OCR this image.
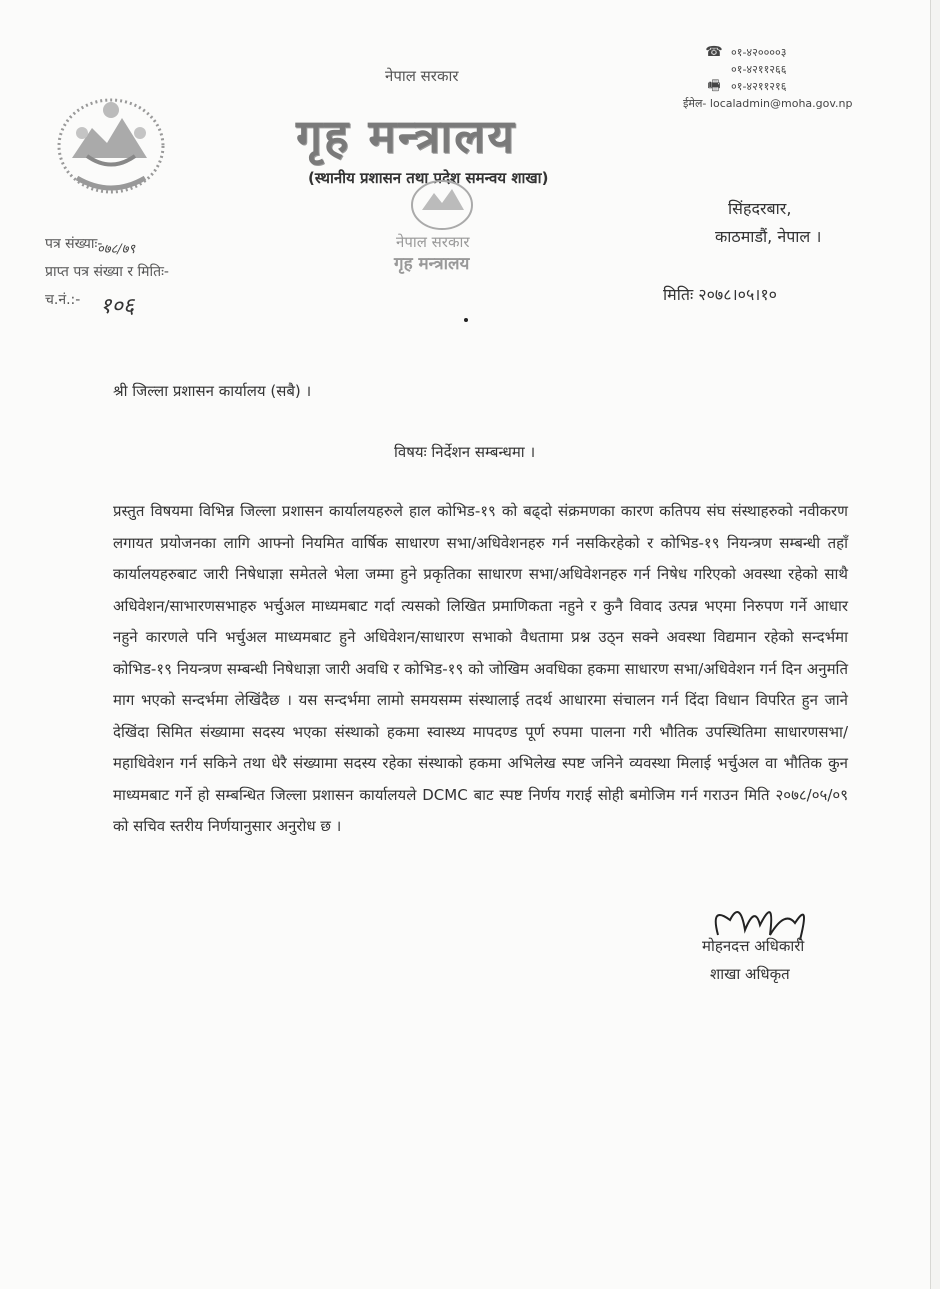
नेपाल सरकार
गृह मन्त्रालय
(स्थानीय प्रशासन तथा प्रदेश समन्वय शाखा)
☎ ०१-४२००००३
०१-४२११२६६
🖷 ०१-४२११२१६
ईमेल- localadmin@moha.gov.np
नेपाल सरकार
गृह मन्त्रालय
सिंहदरबार,
काठमाडौं, नेपाल ।
पत्र संख्याः-
प्राप्त पत्र संख्या र मितिः-
च.नं.:-
०७८/७९
१०६	मितिः २०७८।०५।१०
श्री जिल्ला प्रशासन कार्यालय (सबै) ।
विषयः निर्देशन सम्बन्धमा ।
प्रस्तुत विषयमा विभिन्न जिल्ला प्रशासन कार्यालयहरुले हाल कोभिड-१९ को बढ्दो संक्रमणका कारण कतिपय संघ संस्थाहरुको नवीकरण लगायत प्रयोजनका लागि आफ्नो नियमित वार्षिक साधारण सभा/अधिवेशनहरु गर्न नसकिरहेको र कोभिड-१९ नियन्त्रण सम्बन्धी तहाँ कार्यालयहरुबाट जारी निषेधाज्ञा समेतले भेला जम्मा हुने प्रकृतिका साधारण सभा/अधिवेशनहरु गर्न निषेध गरिएको अवस्था रहेको साथै अधिवेशन/साभारणसभाहरु भर्चुअल माध्यमबाट गर्दा त्यसको लिखित प्रमाणिकता नहुने र कुनै विवाद उत्पन्न भएमा निरुपण गर्ने आधार नहुने कारणले पनि भर्चुअल माध्यमबाट हुने अधिवेशन/साधारण सभाको वैधतामा प्रश्न उठ्न सक्ने अवस्था विद्यमान रहेको सन्दर्भमा कोभिड-१९ नियन्त्रण सम्बन्धी निषेधाज्ञा जारी अवधि र कोभिड-१९ को जोखिम अवधिका हकमा साधारण सभा/अधिवेशन गर्न दिन अनुमति माग भएको सन्दर्भमा लेखिंदैछ । यस सन्दर्भमा लामो समयसम्म संस्थालाई तदर्थ आधारमा संचालन गर्न दिंदा विधान विपरित हुन जाने देखिंदा सिमित संख्यामा सदस्य भएका संस्थाको हकमा स्वास्थ्य मापदण्ड पूर्ण रुपमा पालना गरी भौतिक उपस्थितिमा साधारणसभा/महाधिवेशन गर्न सकिने तथा धेरै संख्यामा सदस्य रहेका संस्थाको हकमा अभिलेख स्पष्ट जनिने व्यवस्था मिलाई भर्चुअल वा भौतिक कुन माध्यमबाट गर्ने हो सम्बन्धित जिल्ला प्रशासन कार्यालयले DCMC बाट स्पष्ट निर्णय गराई सोही बमोजिम गर्न गराउन मिति २०७८/०५/०९ को सचिव स्तरीय निर्णयानुसार अनुरोध छ ।
मोहनदत्त अधिकारी
शाखा अधिकृत
